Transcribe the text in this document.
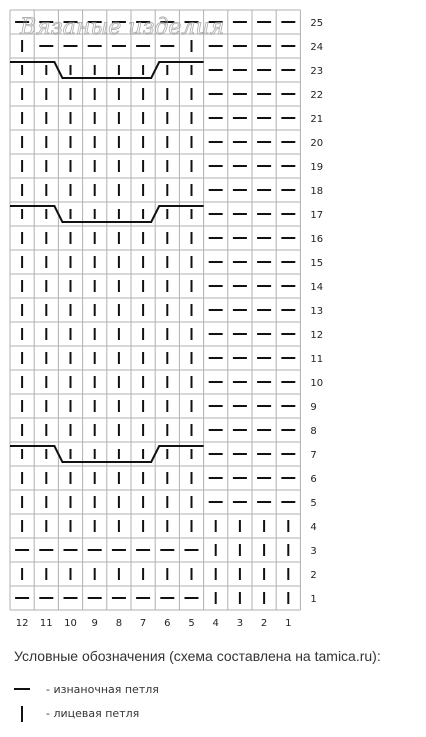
25
24
23
22
21
20
19
18
17
16
15
14
13
12
11
10
9
8
7
6
5
4
3
2
1
12 11 10 9 8 7 6 5 4 3 2 1
Вязаные изделия
Условные обозначения (схема составлена на tamica.ru):
- изнаночная петля
- лицевая петля
